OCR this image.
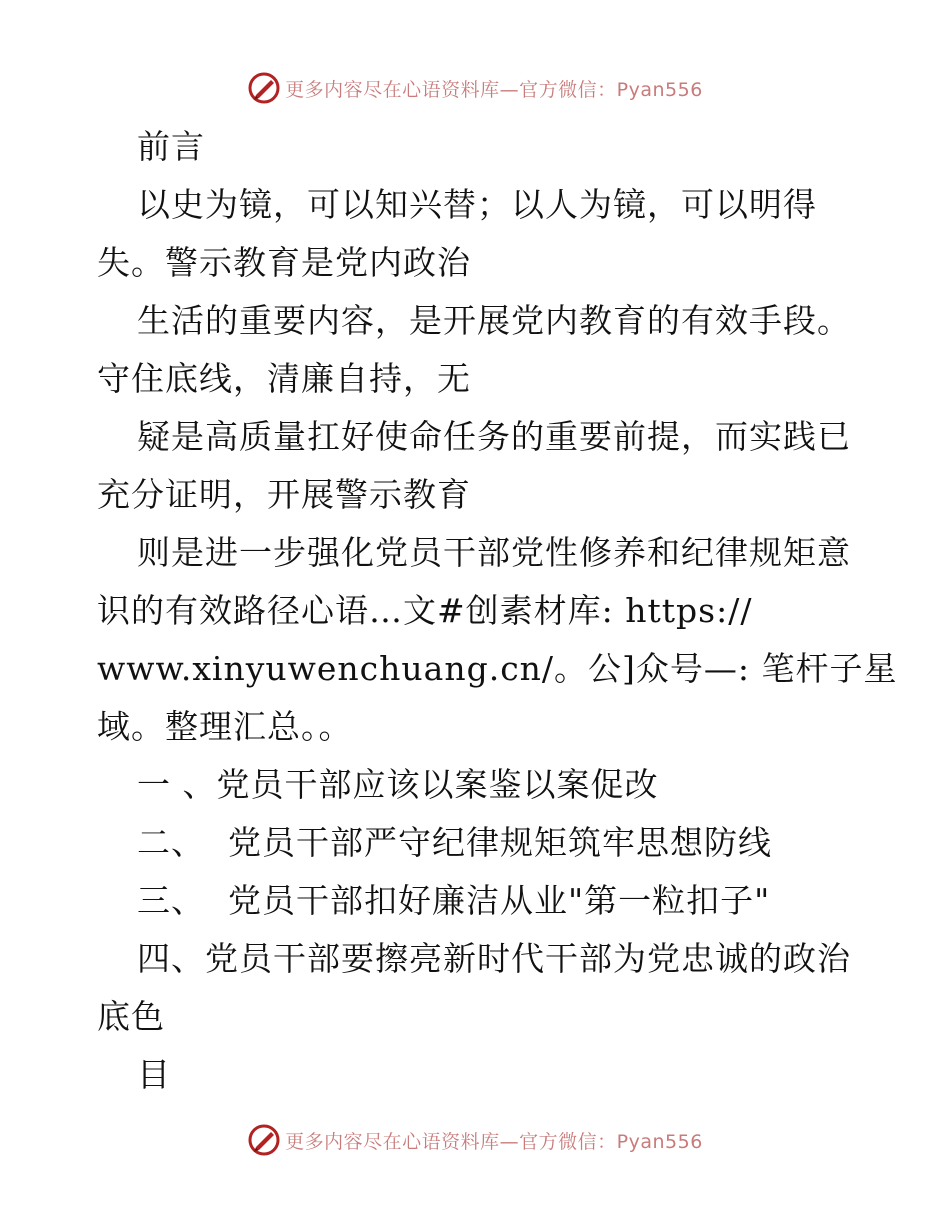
更多内容尽在心语资料库—官方微信：Pyan556

前言

以史为镜，可以知兴替；以人为镜，可以明得

失。警示教育是党内政治

生活的重要内容，是开展党内教育的有效手段。

守住底线，清廉自持，无

疑是高质量扛好使命任务的重要前提，而实践已

充分证明，开展警示教育

则是进一步强化党员干部党性修养和纪律规矩意

识的有效路径心语…文#创素材库: https://

www.xinyuwenchuang.cn/。公]众号—: 笔杆子星

域。整理汇总。。

一 、党员干部应该以案鉴以案促改

二、  党员干部严守纪律规矩筑牢思想防线

三、  党员干部扣好廉洁从业"第一粒扣子"

四、党员干部要擦亮新时代干部为党忠诚的政治

底色

目

更多内容尽在心语资料库—官方微信：Pyan556
